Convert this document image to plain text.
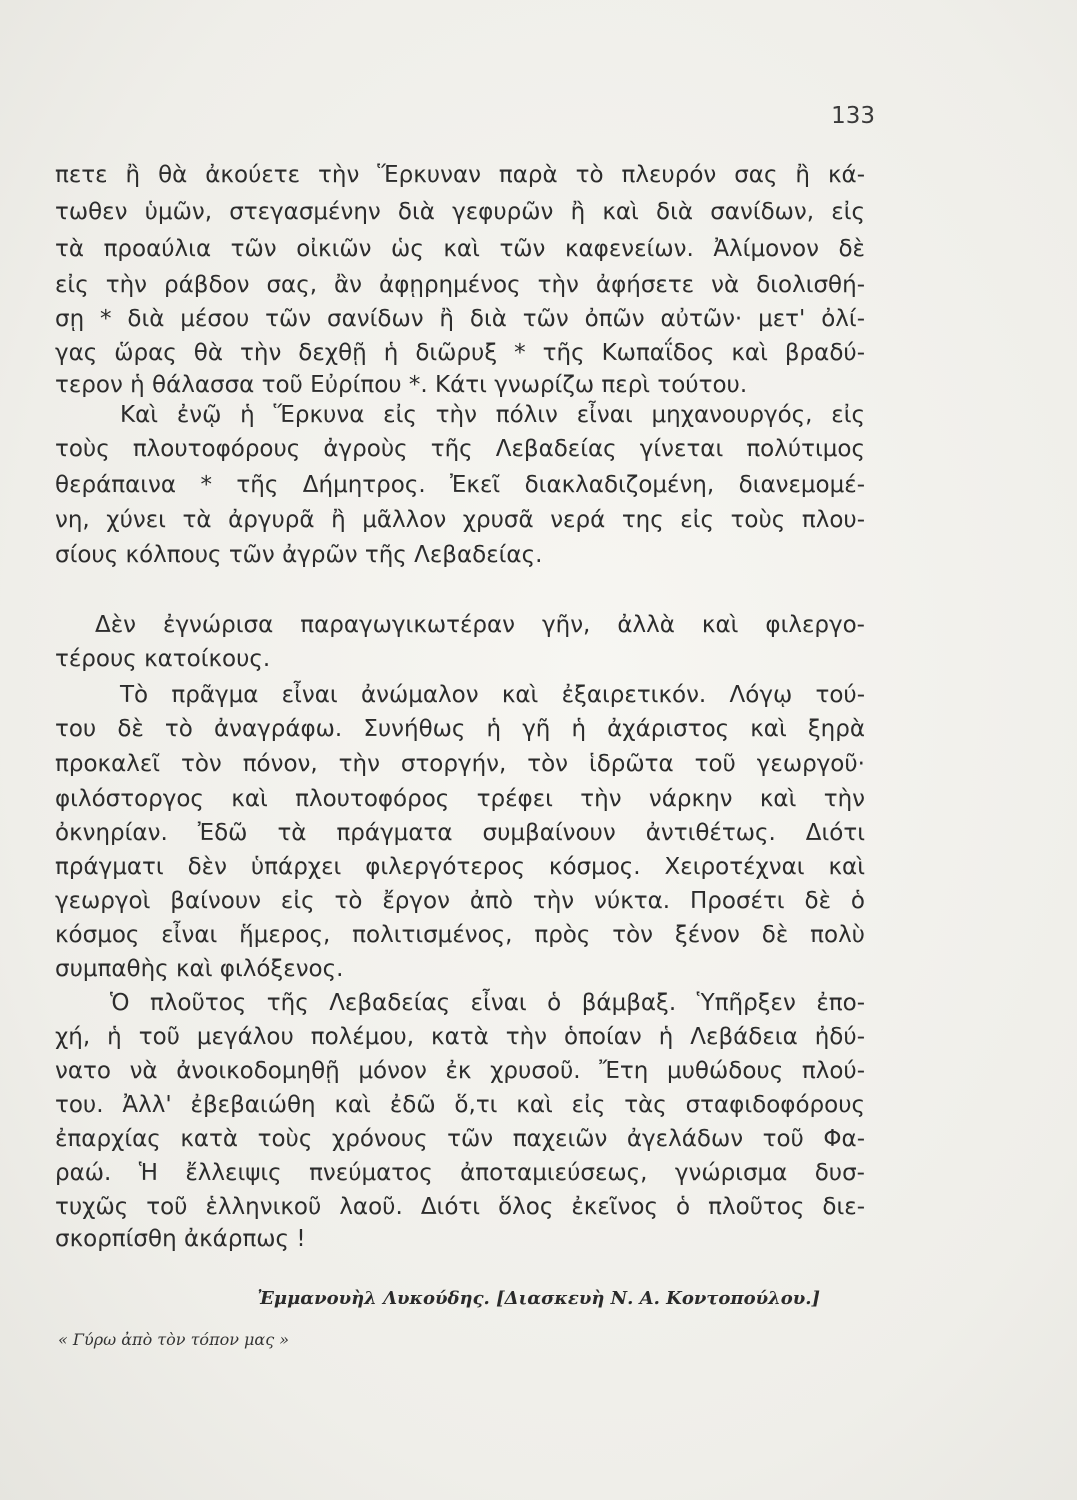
133
πετε ἢ θὰ ἀκούετε τὴν Ἕρκυναν παρὰ τὸ πλευρόν σας ἢ κά-
τωθεν ὑμῶν, στεγασμένην διὰ γεφυρῶν ἢ καὶ διὰ σανίδων, εἰς
τὰ προαύλια τῶν οἰκιῶν ὡς καὶ τῶν καφενείων. Ἀλίμονον δὲ
εἰς τὴν ράβδον σας, ἂν ἀφῃρημένος τὴν ἀφήσετε νὰ διολισθή-
σῃ * διὰ μέσου τῶν σανίδων ἢ διὰ τῶν ὀπῶν αὐτῶν· μετ' ὀλί-
γας ὥρας θὰ τὴν δεχθῇ ἡ διῶρυξ * τῆς Κωπαΐδος καὶ βραδύ-
τερον ἡ θάλασσα τοῦ Εὐρίπου *. Κάτι γνωρίζω περὶ τούτου.
Καὶ ἐνῷ ἡ Ἕρκυνα εἰς τὴν πόλιν εἶναι μηχανουργός, εἰς
τοὺς πλουτοφόρους ἀγροὺς τῆς Λεβαδείας γίνεται πολύτιμος
θεράπαινα * τῆς Δήμητρος. Ἐκεῖ διακλαδιζομένη, διανεμομέ-
νη, χύνει τὰ ἀργυρᾶ ἢ μᾶλλον χρυσᾶ νερά της εἰς τοὺς πλου-
σίους κόλπους τῶν ἀγρῶν τῆς Λεβαδείας.
Δὲν ἐγνώρισα παραγωγικωτέραν γῆν, ἀλλὰ καὶ φιλεργο-
τέρους κατοίκους.
Τὸ πρᾶγμα εἶναι ἀνώμαλον καὶ ἐξαιρετικόν. Λόγῳ τού-
του δὲ τὸ ἀναγράφω. Συνήθως ἡ γῆ ἡ ἀχάριστος καὶ ξηρὰ
προκαλεῖ τὸν πόνον, τὴν στοργήν, τὸν ἱδρῶτα τοῦ γεωργοῦ·
φιλόστοργος καὶ πλουτοφόρος τρέφει τὴν νάρκην καὶ τὴν
ὀκνηρίαν. Ἐδῶ τὰ πράγματα συμβαίνουν ἀντιθέτως. Διότι
πράγματι δὲν ὑπάρχει φιλεργότερος κόσμος. Χειροτέχναι καὶ
γεωργοὶ βαίνουν εἰς τὸ ἔργον ἀπὸ τὴν νύκτα. Προσέτι δὲ ὁ
κόσμος εἶναι ἥμερος, πολιτισμένος, πρὸς τὸν ξένον δὲ πολὺ
συμπαθὴς καὶ φιλόξενος.
Ὁ πλοῦτος τῆς Λεβαδείας εἶναι ὁ βάμβαξ. Ὑπῆρξεν ἐπο-
χή, ἡ τοῦ μεγάλου πολέμου, κατὰ τὴν ὁποίαν ἡ Λεβάδεια ἠδύ-
νατο νὰ ἀνοικοδομηθῇ μόνον ἐκ χρυσοῦ. Ἔτη μυθώδους πλού-
του. Ἀλλ' ἐβεβαιώθη καὶ ἐδῶ ὅ,τι καὶ εἰς τὰς σταφιδοφόρους
ἐπαρχίας κατὰ τοὺς χρόνους τῶν παχειῶν ἀγελάδων τοῦ Φα-
ραώ. Ἡ ἔλλειψις πνεύματος ἀποταμιεύσεως, γνώρισμα δυσ-
τυχῶς τοῦ ἑλληνικοῦ λαοῦ. Διότι ὅλος ἐκεῖνος ὁ πλοῦτος διε-
σκορπίσθη ἀκάρπως !
Ἐμμανουὴλ Λυκούδης. [Διασκευὴ Ν. Α. Κοντοπούλου.]
« Γύρω ἀπὸ τὸν τόπον μας »
